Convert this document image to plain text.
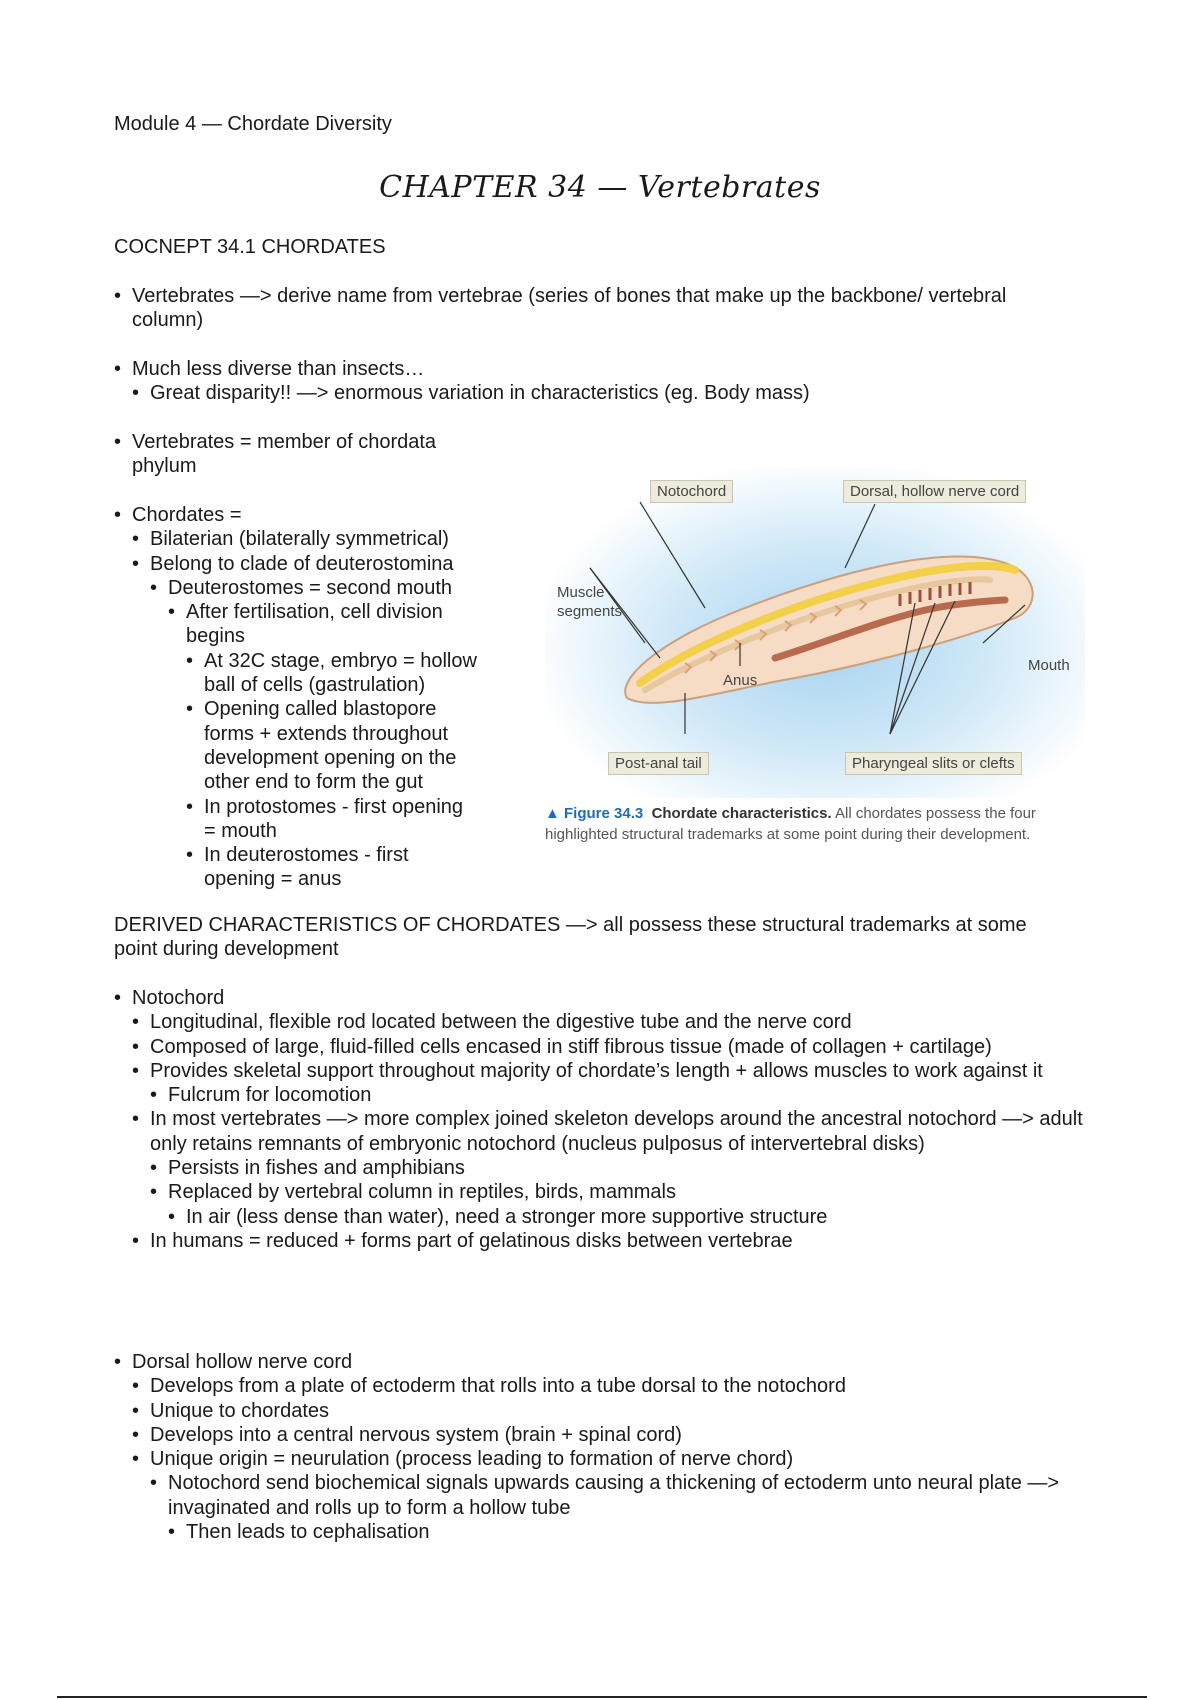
Module 4 — Chordate Diversity
CHAPTER 34 — Vertebrates
COCNEPT 34.1 CHORDATES
• Vertebrates —> derive name from vertebrae (series of bones that make up the backbone/ vertebral column)
• Much less diverse than insects…
• Great disparity!! —> enormous variation in characteristics (eg. Body mass)
• Vertebrates = member of chordata phylum
• Chordates =
• Bilaterian (bilaterally symmetrical)
• Belong to clade of deuterostomina
• Deuterostomes = second mouth
• After fertilisation, cell division begins
• At 32C stage, embryo = hollow ball of cells (gastrulation)
• Opening called blastopore forms + extends throughout development opening on the other end to form the gut
• In protostomes - first opening = mouth
• In deuterostomes - first opening = anus
Notochord	Dorsal, hollow nerve cord
Muscle
segments
Mouth
Anus
Post-anal tail	Pharyngeal slits or clefts
▲ Figure 34.3 Chordate characteristics. All chordates possess the four highlighted structural trademarks at some point during their development.
DERIVED CHARACTERISTICS OF CHORDATES —> all possess these structural trademarks at some point during development
• Notochord
• Longitudinal, flexible rod located between the digestive tube and the nerve cord
• Composed of large, fluid-filled cells encased in stiff fibrous tissue (made of collagen + cartilage)
• Provides skeletal support throughout majority of chordate’s length + allows muscles to work against it
• Fulcrum for locomotion
• In most vertebrates —> more complex joined skeleton develops around the ancestral notochord —> adult only retains remnants of embryonic notochord (nucleus pulposus of intervertebral disks)
• Persists in fishes and amphibians
• Replaced by vertebral column in reptiles, birds, mammals
• In air (less dense than water), need a stronger more supportive structure
• In humans = reduced + forms part of gelatinous disks between vertebrae
• Dorsal hollow nerve cord
• Develops from a plate of ectoderm that rolls into a tube dorsal to the notochord
• Unique to chordates
• Develops into a central nervous system (brain + spinal cord)
• Unique origin = neurulation (process leading to formation of nerve chord)
• Notochord send biochemical signals upwards causing a thickening of ectoderm unto neural plate —> invaginated and rolls up to form a hollow tube
• Then leads to cephalisation
